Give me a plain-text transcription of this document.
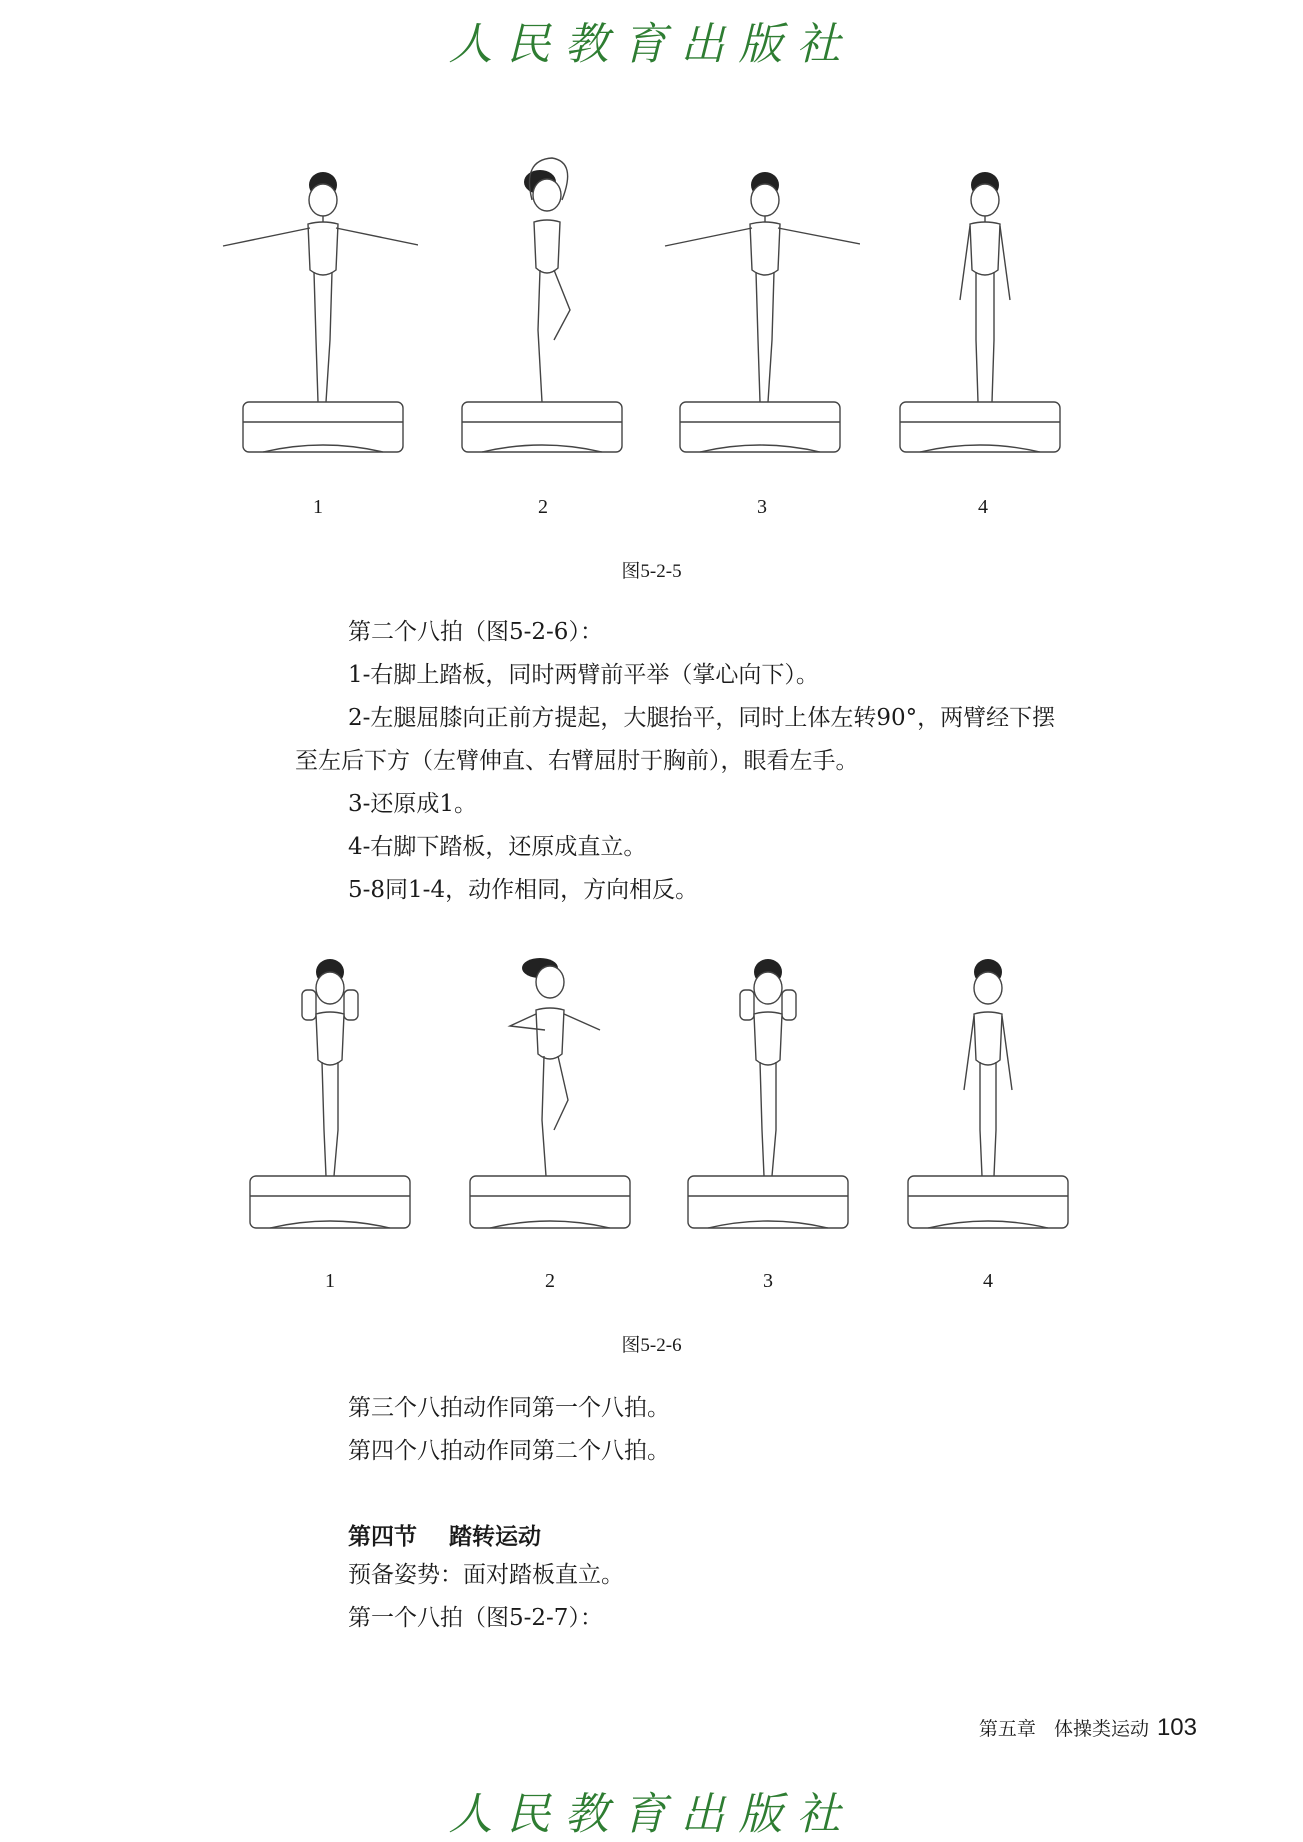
人民教育出版社
1	2	3	4
图5-2-5
第二个八拍（图5-2-6）：
1-右脚上踏板，同时两臂前平举（掌心向下）。
2-左腿屈膝向正前方提起，大腿抬平，同时上体左转90°，两臂经下摆
至左后下方（左臂伸直、右臂屈肘于胸前），眼看左手。
3-还原成1。
4-右脚下踏板，还原成直立。
5-8同1-4，动作相同，方向相反。
1	2	3	4
图5-2-6
第三个八拍动作同第一个八拍。
第四个八拍动作同第二个八拍。
第四节    踏转运动
预备姿势：面对踏板直立。
第一个八拍（图5-2-7）：

第五章   体操类运动 103

人民教育出版社
